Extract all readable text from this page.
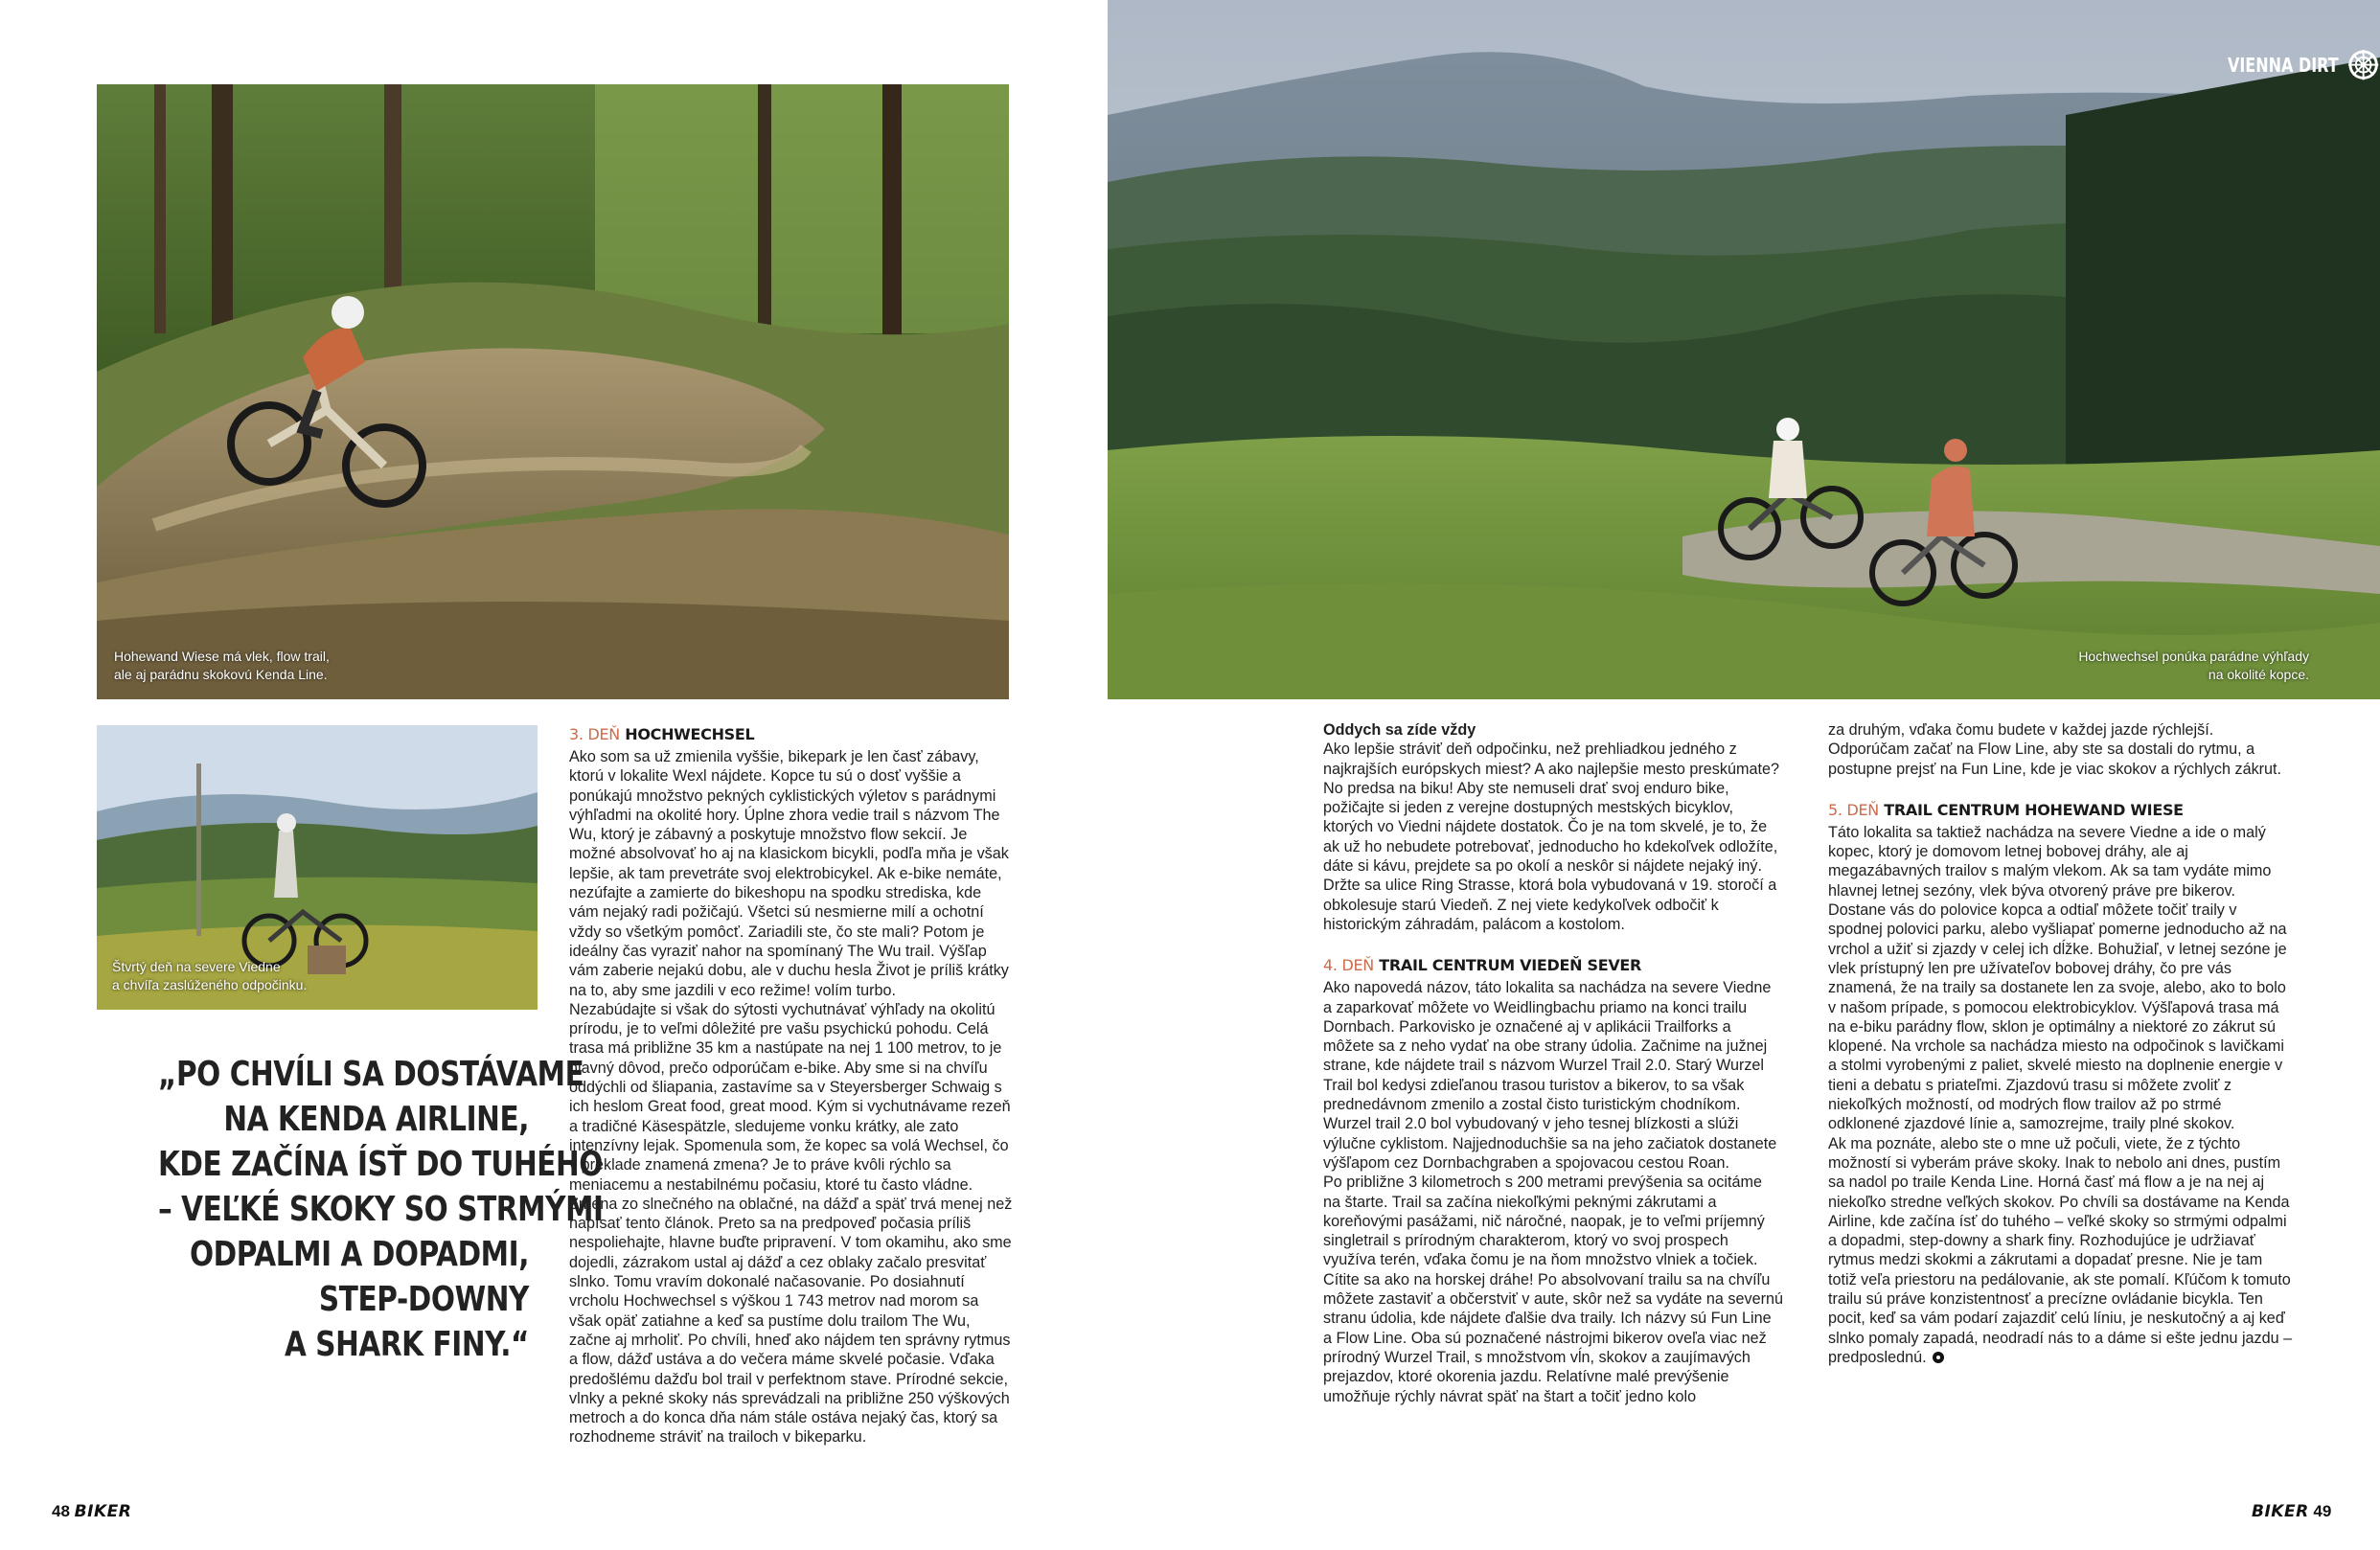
Hohewand Wiese má vlek, flow trail,
ale aj parádnu skokovú Kenda Line.
Štvrtý deň na severe Viedne
a chvíľa zaslúženého odpočinku.
VIENNA DIRT
Hochwechsel ponúka parádne výhľady
na okolité kopce.
„PO CHVÍLI SA DOSTÁVAME
NA KENDA AIRLINE,
KDE ZAČÍNA ÍSŤ DO TUHÉHO
– VEĽKÉ SKOKY SO STRMÝMI
ODPALMI A DOPADMI,
STEP-DOWNY
A SHARK FINY.“
3. DEŇ HOCHWECHSEL

Ako som sa už zmienila vyššie, bikepark je len časť zábavy, ktorú v lokalite Wexl nájdete. Kopce tu sú o dosť vyššie a ponúkajú množstvo pekných cyklistických výletov s parádnymi výhľadmi na okolité hory. Úplne zhora vedie trail s názvom The Wu, ktorý je zábavný a poskytuje množstvo flow sekcií. Je možné absolvovať ho aj na klasickom bicykli, podľa mňa je však lepšie, ak tam prevetráte svoj elektrobicykel. Ak e-bike nemáte, nezúfajte a zamierte do bikeshopu na spodku strediska, kde vám nejaký radi požičajú. Všetci sú nesmierne milí a ochotní vždy so všetkým pomôcť. Zariadili ste, čo ste mali? Potom je ideálny čas vyraziť nahor na spomínaný The Wu trail. Výšľap vám zaberie nejakú dobu, ale v duchu hesla Život je príliš krátky na to, aby sme jazdili v eco režime! volím turbo.

Nezabúdajte si však do sýtosti vychutnávať výhľady na okolitú prírodu, je to veľmi dôležité pre vašu psychickú pohodu. Celá trasa má približne 35 km a nastúpate na nej 1 100 metrov, to je hlavný dôvod, prečo odporúčam e-bike. Aby sme si na chvíľu oddýchli od šliapania, zastavíme sa v Steyersberger Schwaig s ich heslom Great food, great mood. Kým si vychutnávame rezeň a tradičné Käsespätzle, sledujeme vonku krátky, ale zato intenzívny lejak. Spomenula som, že kopec sa volá Wechsel, čo v preklade znamená zmena? Je to práve kvôli rýchlo sa meniacemu a nestabilnému počasiu, ktoré tu často vládne. Zmena zo slnečného na oblačné, na dážď a späť trvá menej než napísať tento článok. Preto sa na predpoveď počasia príliš nespoliehajte, hlavne buďte pripravení. V tom okamihu, ako sme dojedli, zázrakom ustal aj dážď a cez oblaky začalo presvitať slnko. Tomu vravím dokonalé načasovanie. Po dosiahnutí vrcholu Hochwechsel s výškou 1 743 metrov nad morom sa však opäť zatiahne a keď sa pustíme dolu trailom The Wu, začne aj mrholiť. Po chvíli, hneď ako nájdem ten správny rytmus a flow, dážď ustáva a do večera máme skvelé počasie. Vďaka predošlému dažďu bol trail v perfektnom stave. Prírodné sekcie, vlnky a pekné skoky nás sprevádzali na približne 250 výškových metroch a do konca dňa nám stále ostáva nejaký čas, ktorý sa rozhodneme stráviť na trailoch v bikeparku.

Oddych sa zíde vždy

Ako lepšie stráviť deň odpočinku, než prehliadkou jedného z najkrajších európskych miest? A ako najlepšie mesto preskúmate? No predsa na biku! Aby ste nemuseli drať svoj enduro bike, požičajte si jeden z verejne dostupných mestských bicyklov, ktorých vo Viedni nájdete dostatok. Čo je na tom skvelé, je to, že ak už ho nebudete potrebovať, jednoducho ho kdekoľvek odložíte, dáte si kávu, prejdete sa po okolí a neskôr si nájdete nejaký iný. Držte sa ulice Ring Strasse, ktorá bola vybudovaná v 19. storočí a obkolesuje starú Viedeň. Z nej viete kedykoľvek odbočiť k historickým záhradám, palácom a kostolom.

4. DEŇ TRAIL CENTRUM VIEDEŇ SEVER

Ako napovedá názov, táto lokalita sa nachádza na severe Viedne a zaparkovať môžete vo Weidlingbachu priamo na konci trailu Dornbach. Parkovisko je označené aj v aplikácii Trailforks a môžete sa z neho vydať na obe strany údolia. Začnime na južnej strane, kde nájdete trail s názvom Wurzel Trail 2.0. Starý Wurzel Trail bol kedysi zdieľanou trasou turistov a bikerov, to sa však prednedávnom zmenilo a zostal čisto turistickým chodníkom. Wurzel trail 2.0 bol vybudovaný v jeho tesnej blízkosti a slúži výlučne cyklistom. Najjednoduchšie sa na jeho začiatok dostanete výšľapom cez Dornbachgraben a spojovacou cestou Roan.

Po približne 3 kilometroch s 200 metrami prevýšenia sa ocitáme na štarte. Trail sa začína niekoľkými peknými zákrutami a koreňovými pasážami, nič náročné, naopak, je to veľmi príjemný singletrail s prírodným charakterom, ktorý vo svoj prospech využíva terén, vďaka čomu je na ňom množstvo vlniek a točiek. Cítite sa ako na horskej dráhe! Po absolvovaní trailu sa na chvíľu môžete zastaviť a občerstviť v aute, skôr než sa vydáte na severnú stranu údolia, kde nájdete ďalšie dva traily. Ich názvy sú Fun Line a Flow Line. Oba sú poznačené nástrojmi bikerov oveľa viac než prírodný Wurzel Trail, s množstvom vĺn, skokov a zaujímavých prejazdov, ktoré okorenia jazdu. Relatívne malé prevýšenie umožňuje rýchly návrat späť na štart a točiť jedno kolo

za druhým, vďaka čomu budete v každej jazde rýchlejší. Odporúčam začať na Flow Line, aby ste sa dostali do rytmu, a postupne prejsť na Fun Line, kde je viac skokov a rýchlych zákrut.

5. DEŇ TRAIL CENTRUM HOHEWAND WIESE

Táto lokalita sa taktiež nachádza na severe Viedne a ide o malý kopec, ktorý je domovom letnej bobovej dráhy, ale aj megazábavných trailov s malým vlekom. Ak sa tam vydáte mimo hlavnej letnej sezóny, vlek býva otvorený práve pre bikerov. Dostane vás do polovice kopca a odtiaľ môžete točiť traily v spodnej polovici parku, alebo vyšliapať pomerne jednoducho až na vrchol a užiť si zjazdy v celej ich dĺžke. Bohužiaľ, v letnej sezóne je vlek prístupný len pre užívateľov bobovej dráhy, čo pre vás znamená, že na traily sa dostanete len za svoje, alebo, ako to bolo v našom prípade, s pomocou elektrobicyklov. Výšľapová trasa má na e-biku parádny flow, sklon je optimálny a niektoré zo zákrut sú klopené. Na vrchole sa nachádza miesto na odpočinok s lavičkami a stolmi vyrobenými z paliet, skvelé miesto na doplnenie energie v tieni a debatu s priateľmi. Zjazdovú trasu si môžete zvoliť z niekoľkých možností, od modrých flow trailov až po strmé odklonené zjazdové línie a, samozrejme, traily plné skokov.

Ak ma poznáte, alebo ste o mne už počuli, viete, že z týchto možností si vyberám práve skoky. Inak to nebolo ani dnes, pustím sa nadol po traile Kenda Line. Horná časť má flow a je na nej aj niekoľko stredne veľkých skokov. Po chvíli sa dostávame na Kenda Airline, kde začína ísť do tuhého – veľké skoky so strmými odpalmi a dopadmi, step-downy a shark finy. Rozhodujúce je udržiavať rytmus medzi skokmi a zákrutami a dopadať presne. Nie je tam totiž veľa priestoru na pedálovanie, ak ste pomalí. Kľúčom k tomuto trailu sú práve konzistentnosť a precízne ovládanie bicykla. Ten pocit, keď sa vám podarí zajazdiť celú líniu, je neskutočný a aj keď slnko pomaly zapadá, neodradí nás to a dáme si ešte jednu jazdu – predposlednú.

48 BIKER	BIKER 49
